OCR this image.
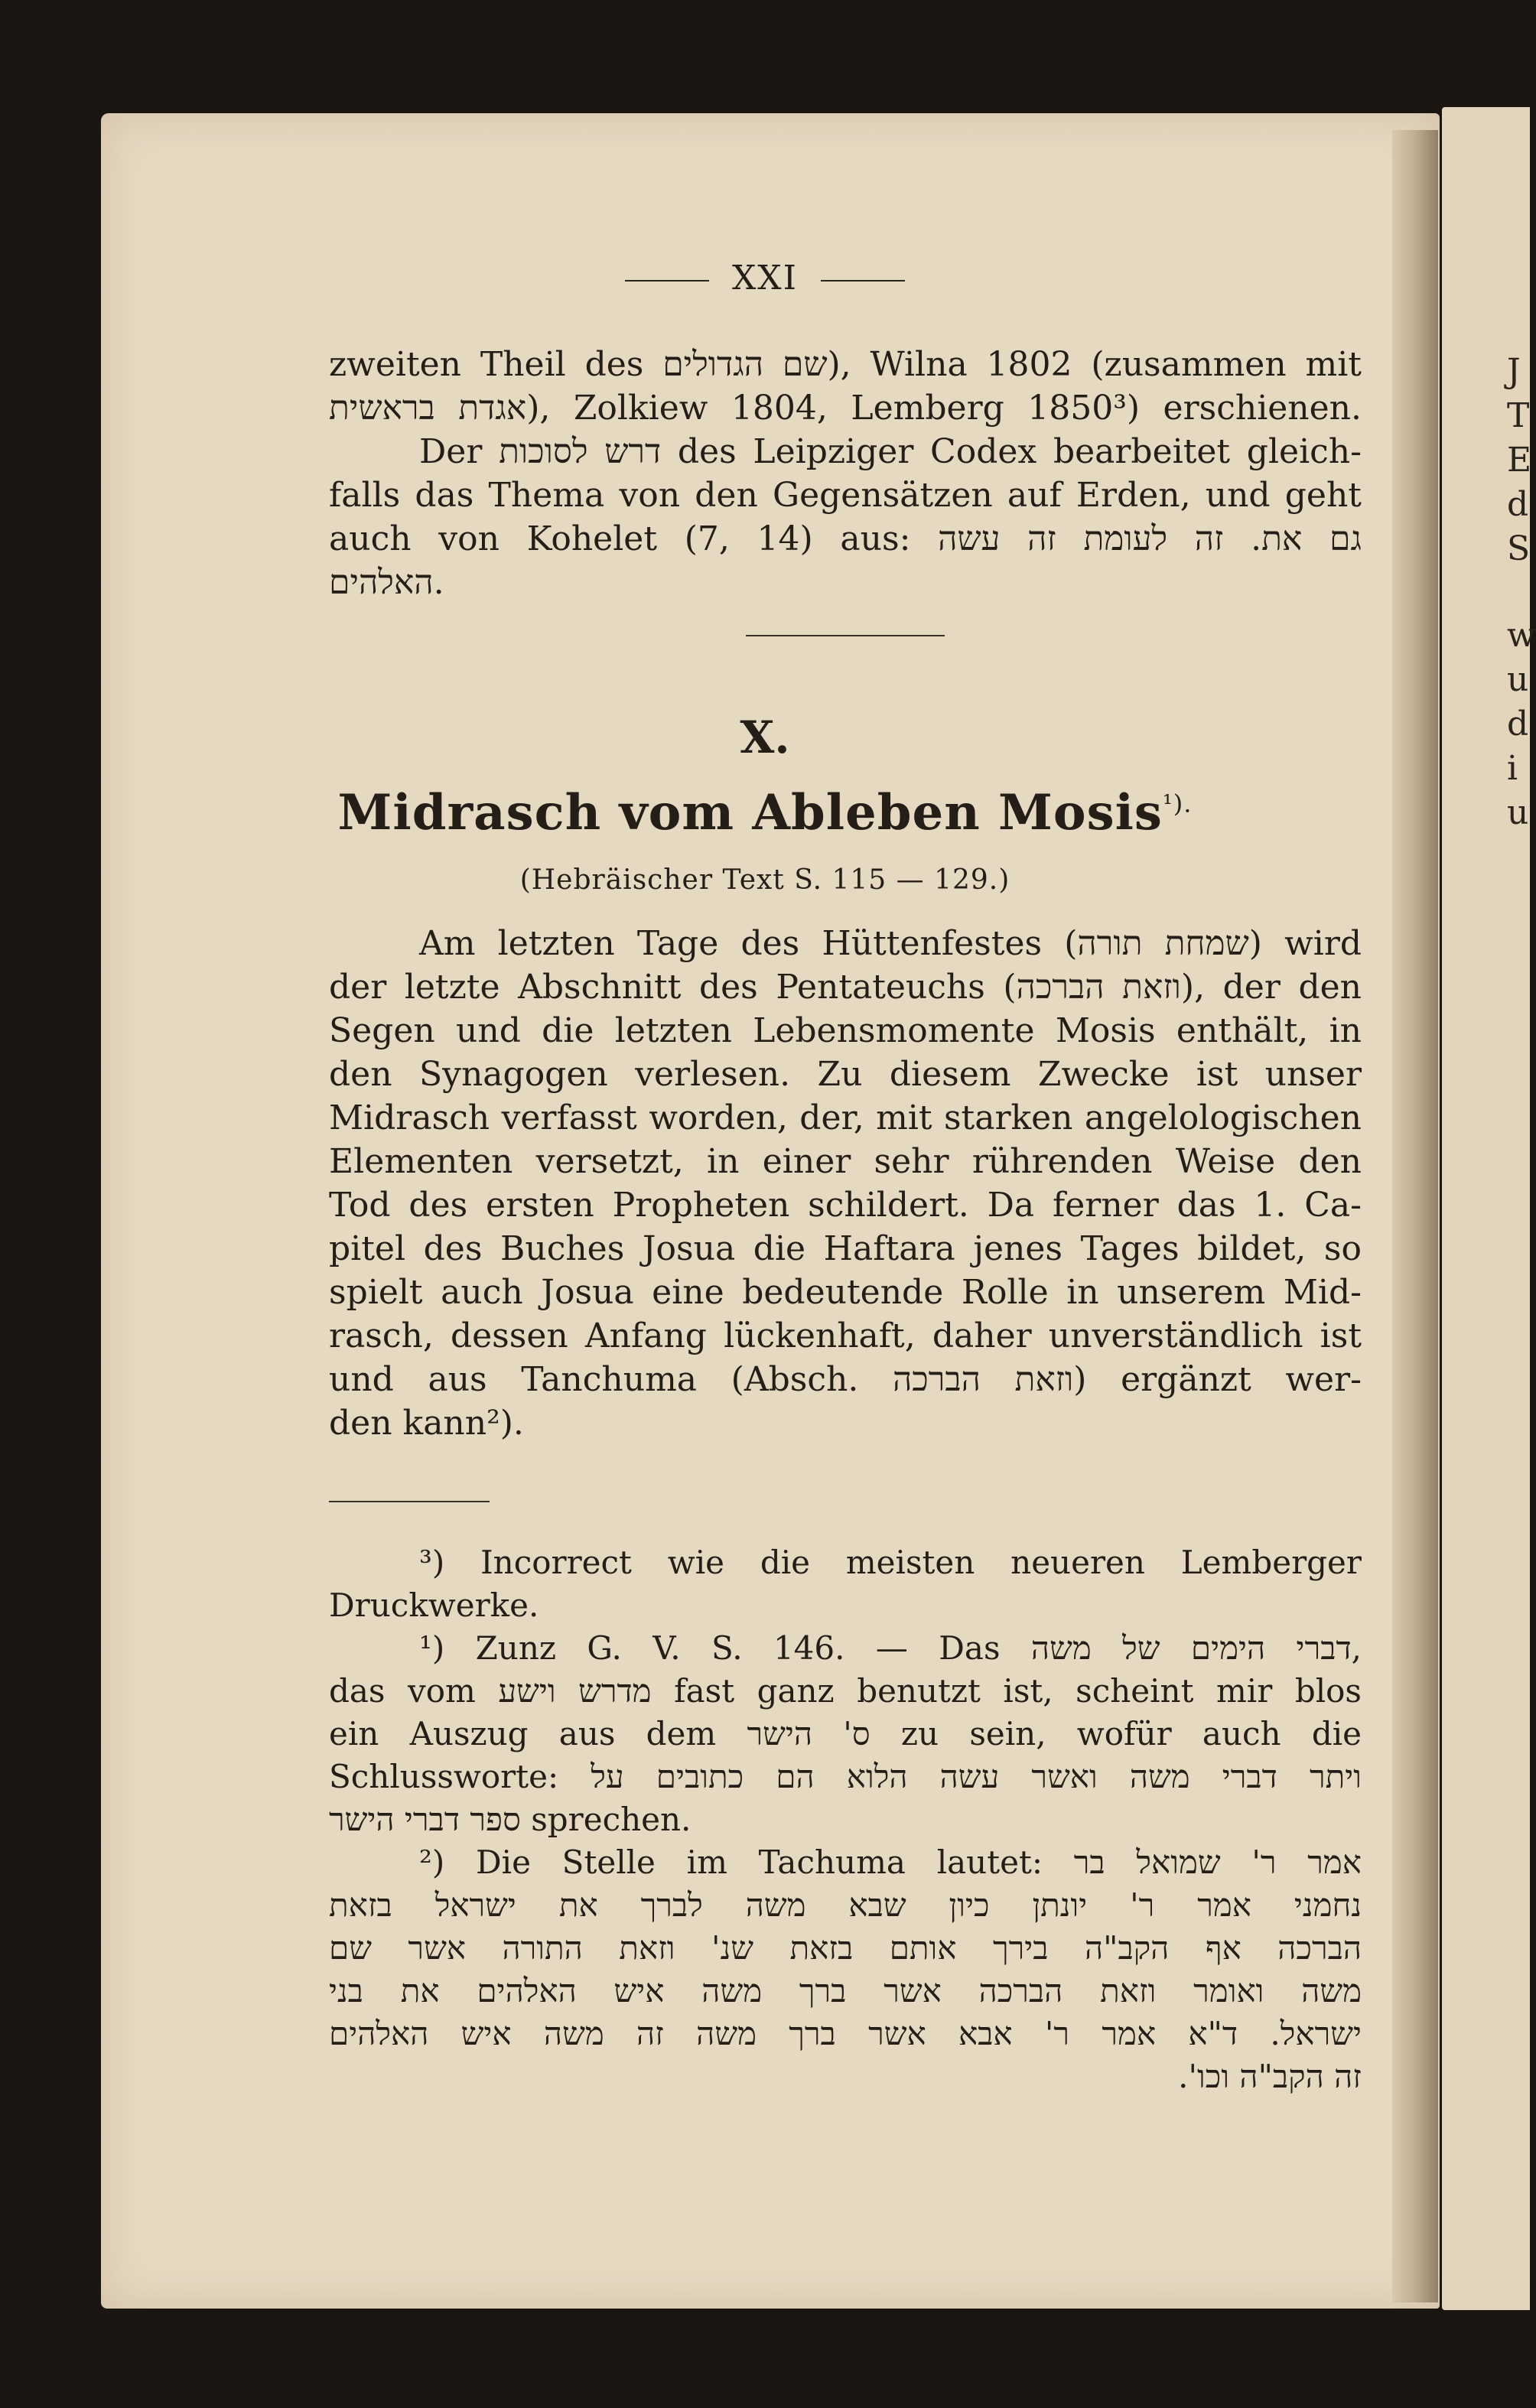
J
T
E
d
S
w
u
d
i
u
XXI
zweiten Theil des שם הגדולים), Wilna 1802 (zusammen mit
אגדת בראשית), Zolkiew 1804, Lemberg 1850³) erschienen.
Der דרש לסוכות des Leipziger Codex bearbeitet gleich-
falls das Thema von den Gegensätzen auf Erden, und geht
auch von Kohelet (7, 14) aus: גם את. זה לעומת זה עשה
האלהים.
X.
Midrasch vom Ableben Mosis$^{^1).}$
(Hebräischer Text S. 115 — 129.)
Am letzten Tage des Hüttenfestes (שמחת תורה) wird
der letzte Abschnitt des Pentateuchs (וזאת הברכה), der den
Segen und die letzten Lebensmomente Mosis enthält, in
den Synagogen verlesen. Zu diesem Zwecke ist unser
Midrasch verfasst worden, der, mit starken angelologischen
Elementen versetzt, in einer sehr rührenden Weise den
Tod des ersten Propheten schildert. Da ferner das 1. Ca-
pitel des Buches Josua die Haftara jenes Tages bildet, so
spielt auch Josua eine bedeutende Rolle in unserem Mid-
rasch, dessen Anfang lückenhaft, daher unverständlich ist
und aus Tanchuma (Absch. וזאת הברכה) ergänzt wer-
den kann²).
³) Incorrect wie die meisten neueren Lemberger
Druckwerke.
¹) Zunz G. V. S. 146. — Das דברי הימים של משה,
das vom מדרש וישע fast ganz benutzt ist, scheint mir blos
ein Auszug aus dem ס' הישר zu sein, wofür auch die
Schlussworte: ויתר דברי משה ואשר עשה הלוא הם כתובים על
ספר דברי הישר sprechen.
²) Die Stelle im Tachuma lautet: אמר ר' שמואל בר
נחמני אמר ר' יונתן כיון שבא משה לברך את ישראל בזאת
הברכה אף הקב"ה בירך אותם בזאת שנ' וזאת התורה אשר שם
משה ואומר וזאת הברכה אשר ברך משה איש האלהים את בני
ישראל. ד"א אמר ר' אבא אשר ברך משה זה משה איש האלהים
זה הקב"ה וכו'.
